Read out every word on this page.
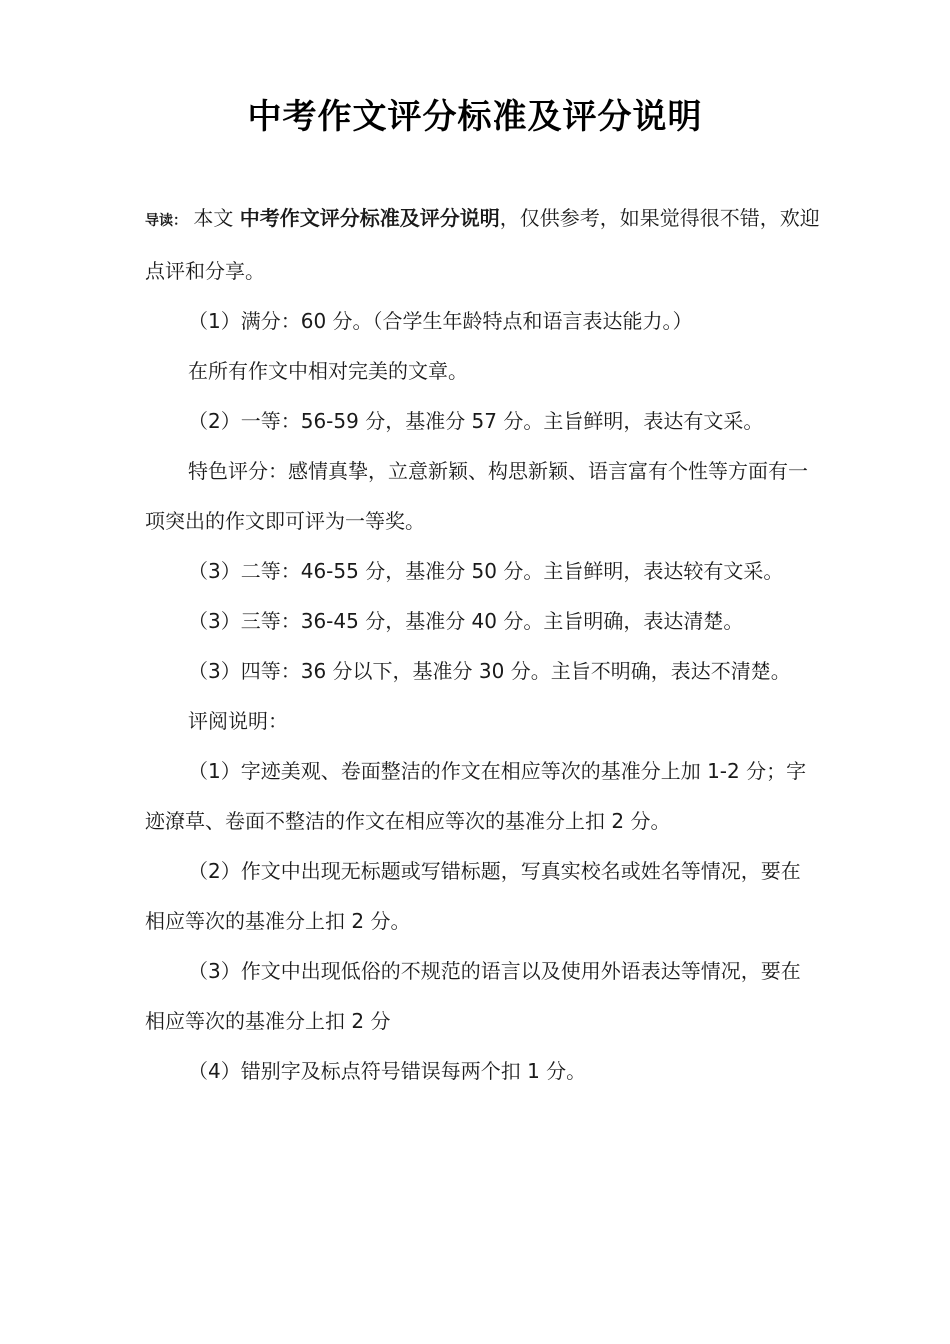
中考作文评分标准及评分说明

导读： 本文 中考作文评分标准及评分说明，仅供参考，如果觉得很不错，欢迎点评和分享。

（1）满分：60 分。（合学生年龄特点和语言表达能力。）

在所有作文中相对完美的文章。

（2）一等：56-59 分，基准分 57 分。主旨鲜明，表达有文采。

特色评分：感情真挚，立意新颖、构思新颖、语言富有个性等方面有一项突出的作文即可评为一等奖。

（3）二等：46-55 分，基准分 50 分。主旨鲜明，表达较有文采。

（3）三等：36-45 分，基准分 40 分。主旨明确，表达清楚。

（3）四等：36 分以下，基准分 30 分。主旨不明确，表达不清楚。

评阅说明：

（1）字迹美观、卷面整洁的作文在相应等次的基准分上加 1-2 分；字迹潦草、卷面不整洁的作文在相应等次的基准分上扣 2 分。

（2）作文中出现无标题或写错标题，写真实校名或姓名等情况，要在相应等次的基准分上扣 2 分。

（3）作文中出现低俗的不规范的语言以及使用外语表达等情况，要在相应等次的基准分上扣 2 分

（4）错别字及标点符号错误每两个扣 1 分。
